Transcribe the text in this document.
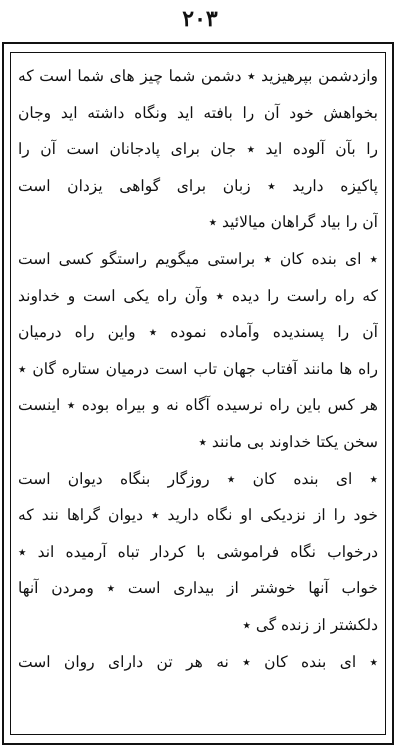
۲۰۳
وازدشمن بپرهیزید ٭ دشمن شما چیز های شما است که
بخواهش خود آن را بافته اید ونگاه داشته اید وجان
را بآن آلوده اید ٭ جان برای پادجانان است آن را
پاکیزه دارید ٭ زبان برای گواهی یزدان است
آن را بیاد گراهان میالائید ٭
٭ ای بنده کان ٭ براستی میگویم راستگو کسی است
که راه راست را دیده ٭ وآن راه یکی است و خداوند
آن را پسندیده وآماده نموده ٭ واین راه درمیان
راه ها مانند آفتاب جهان تاب است درمیان ستاره گان ٭
هر کس باین راه نرسیده آگاه نه و بیراه بوده ٭ اینست
سخن یکتا خداوند بی مانند ٭
٭ ای بنده کان ٭ روزگار بنگاه دیوان است
خود را از نزدیکی او نگاه دارید ٭ دیوان گراها نند که
درخواب نگاه فراموشی با کردار تباه آرمیده اند ٭
خواب آنها خوشتر از بیداری است ٭ ومردن آنها
دلکشتر از زنده گی ٭
٭ ای بنده کان ٭ نه هر تن دارای روان است
